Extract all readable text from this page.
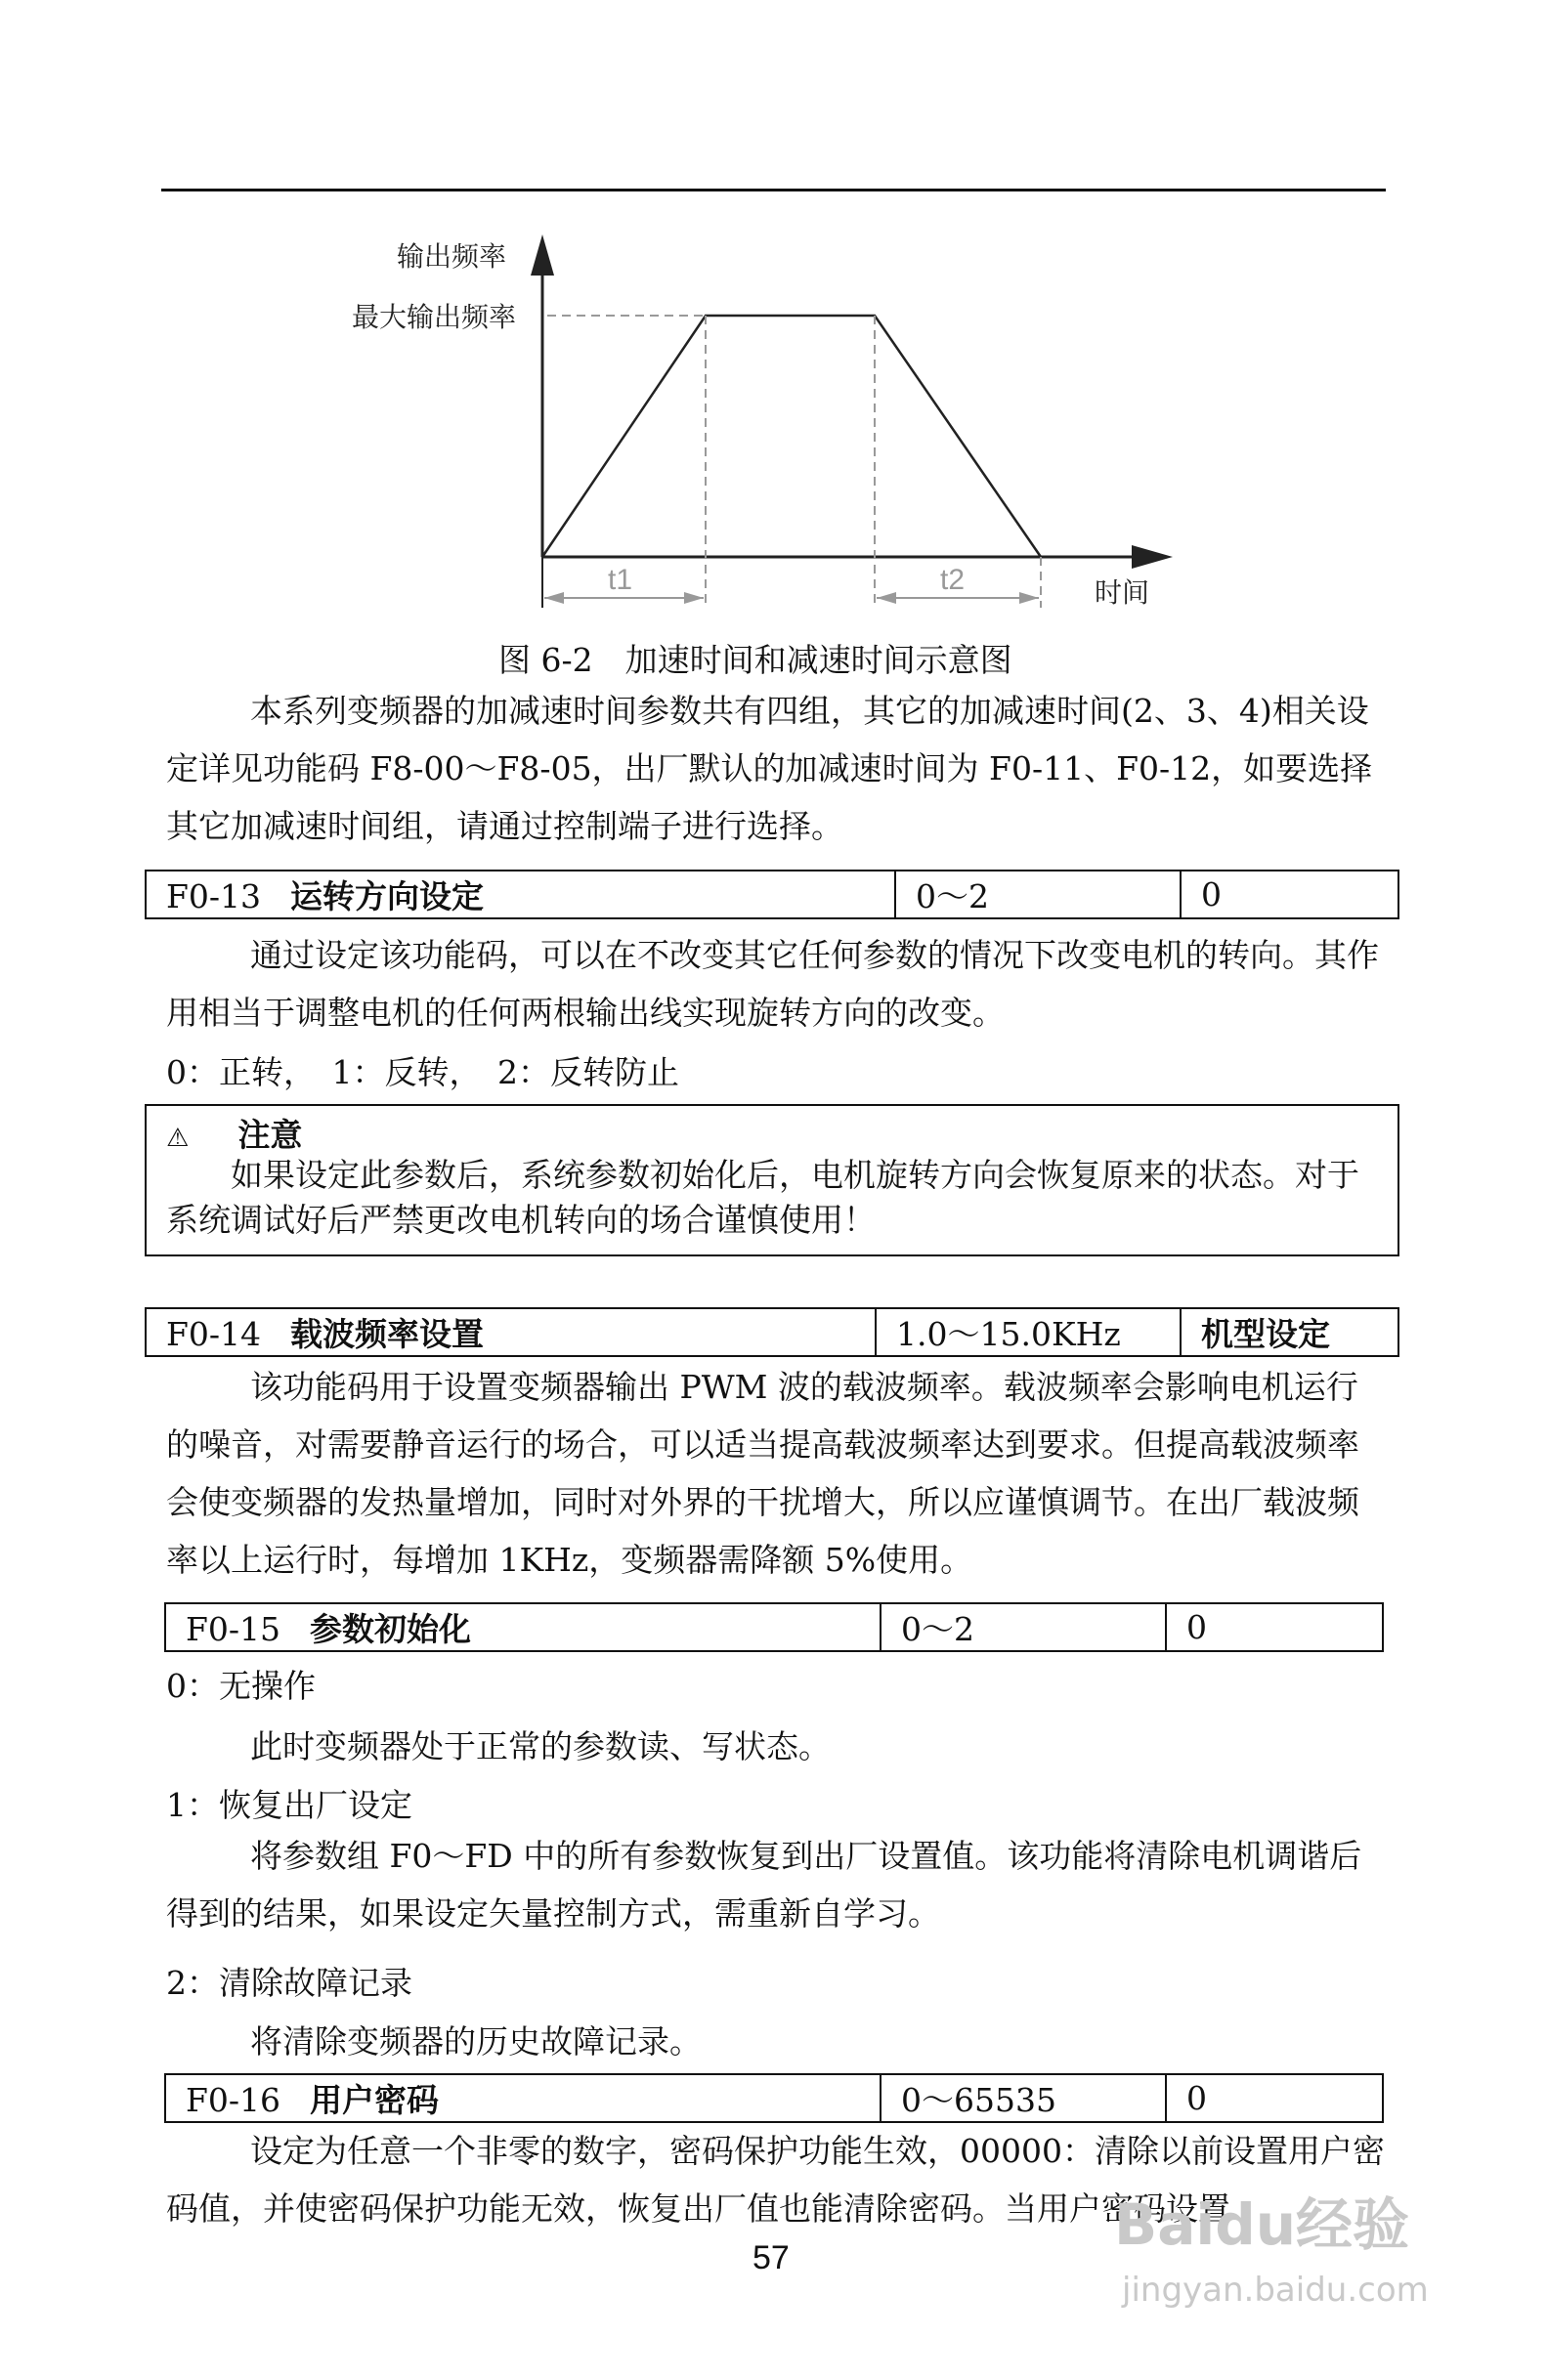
输出频率
最大输出频率
时间
t1	t2
图 6-2　加速时间和减速时间示意图
本系列变频器的加减速时间参数共有四组，其它的加减速时间(2、3、4)相关设定详见功能码 F8-00～F8-05，出厂默认的加减速时间为 F0-11、F0-12，如要选择其它加减速时间组，请通过控制端子进行选择。
F0-13 运转方向设定	0～2	0
通过设定该功能码，可以在不改变其它任何参数的情况下改变电机的转向。其作用相当于调整电机的任何两根输出线实现旋转方向的改变。
0：正转，　1：反转，　2：反转防止
⚠ 注意
如果设定此参数后，系统参数初始化后，电机旋转方向会恢复原来的状态。对于系统调试好后严禁更改电机转向的场合谨慎使用！
F0-14 载波频率设置	1.0～15.0KHz	机型设定
该功能码用于设置变频器输出 PWM 波的载波频率。载波频率会影响电机运行的噪音，对需要静音运行的场合，可以适当提高载波频率达到要求。但提高载波频率会使变频器的发热量增加，同时对外界的干扰增大，所以应谨慎调节。在出厂载波频率以上运行时，每增加 1KHz，变频器需降额 5%使用。
F0-15 参数初始化	0～2	0
0：无操作
此时变频器处于正常的参数读、写状态。
1：恢复出厂设定
将参数组 F0～FD 中的所有参数恢复到出厂设置值。该功能将清除电机调谐后得到的结果，如果设定矢量控制方式，需重新自学习。
2：清除故障记录
将清除变频器的历史故障记录。
F0-16 用户密码	0～65535	0
设定为任意一个非零的数字，密码保护功能生效，00000：清除以前设置用户密码值，并使密码保护功能无效，恢复出厂值也能清除密码。当用户密码设置
57	Baidu经验
jingyan.baidu.com
